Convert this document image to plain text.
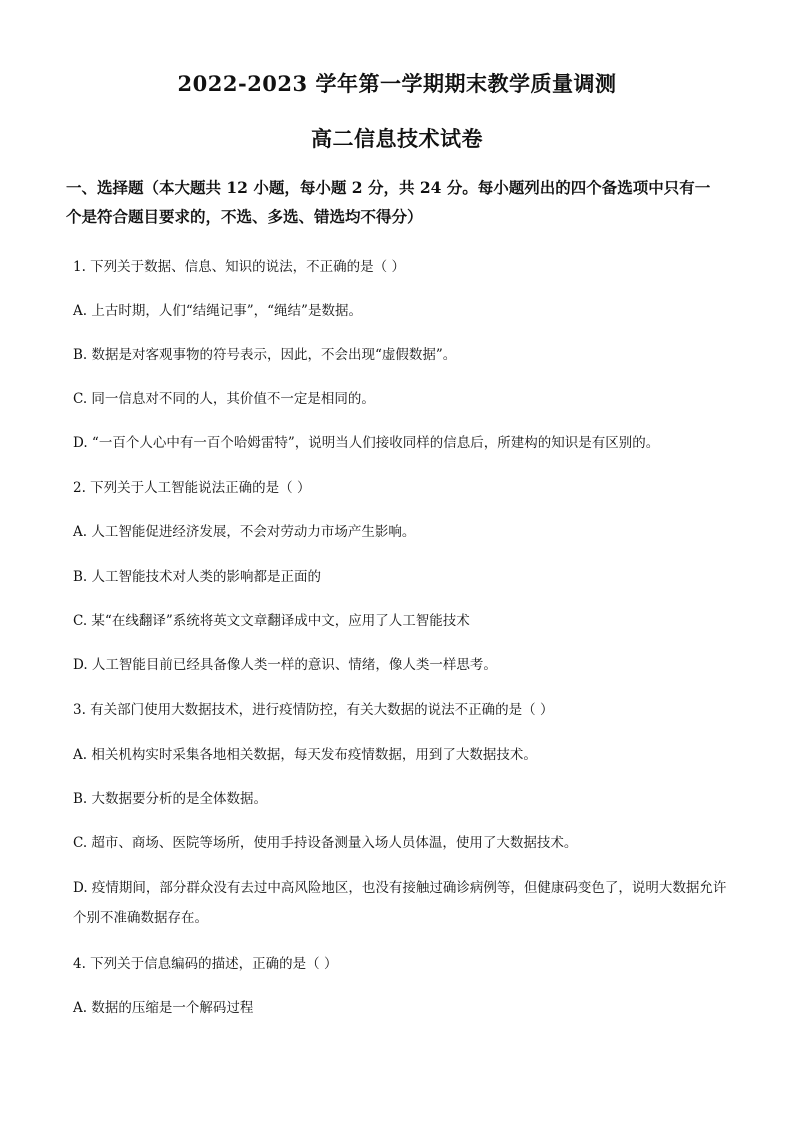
2022-2023 学年第一学期期末教学质量调测
高二信息技术试卷
一、选择题（本大题共 12 小题，每小题 2 分，共 24 分。每小题列出的四个备选项中只有一个是符合题目要求的，不选、多选、错选均不得分）
1. 下列关于数据、信息、知识的说法，不正确的是（ ）
A. 上古时期，人们“结绳记事”，“绳结”是数据。
B. 数据是对客观事物的符号表示，因此，不会出现“虚假数据”。
C. 同一信息对不同的人，其价值不一定是相同的。
D. “一百个人心中有一百个哈姆雷特”，说明当人们接收同样的信息后，所建构的知识是有区别的。
2. 下列关于人工智能说法正确的是（ ）
A. 人工智能促进经济发展，不会对劳动力市场产生影响。
B. 人工智能技术对人类的影响都是正面的
C. 某“在线翻译”系统将英文文章翻译成中文，应用了人工智能技术
D. 人工智能目前已经具备像人类一样的意识、情绪，像人类一样思考。
3. 有关部门使用大数据技术，进行疫情防控，有关大数据的说法不正确的是（ ）
A. 相关机构实时采集各地相关数据，每天发布疫情数据，用到了大数据技术。
B. 大数据要分析的是全体数据。
C. 超市、商场、医院等场所，使用手持设备测量入场人员体温，使用了大数据技术。
D. 疫情期间，部分群众没有去过中高风险地区，也没有接触过确诊病例等，但健康码变色了，说明大数据允许个别不准确数据存在。
4. 下列关于信息编码的描述，正确的是（ ）
A. 数据的压缩是一个解码过程
